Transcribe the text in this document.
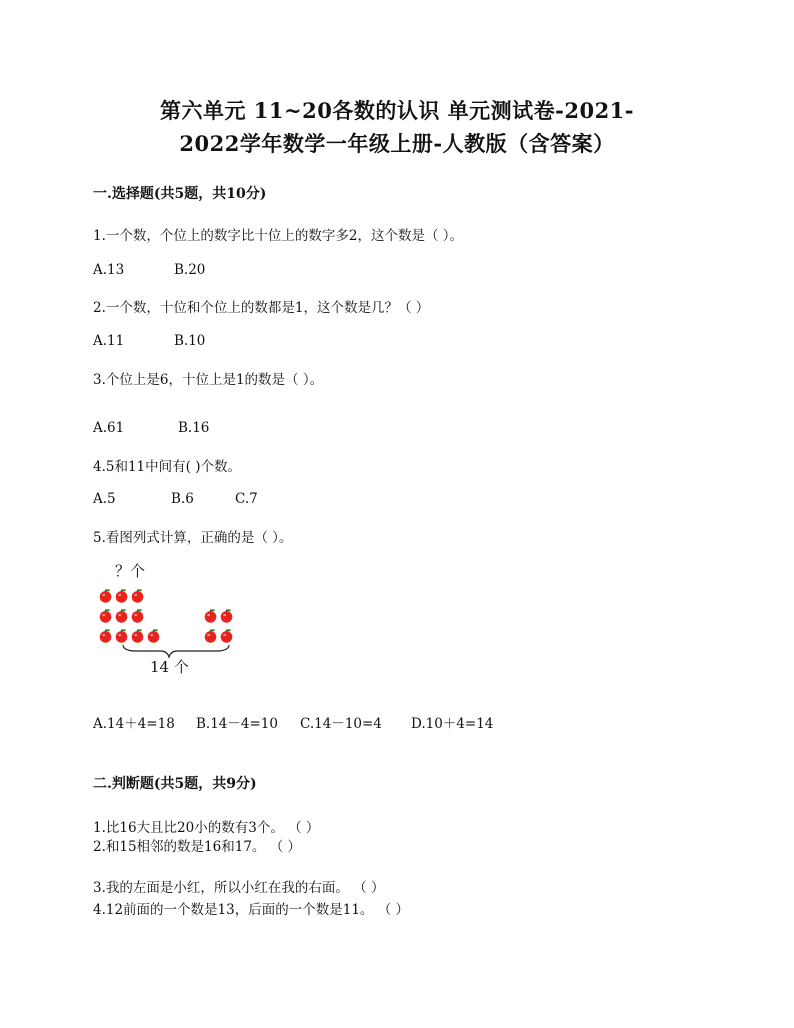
第六单元 11~20各数的认识 单元测试卷-2021-
2022学年数学一年级上册-人教版（含答案）
一.选择题(共5题，共10分)
1.一个数，个位上的数字比十位上的数字多2，这个数是（ ）。
A.13	B.20
2.一个数，十位和个位上的数都是1，这个数是几？（ ）
A.11	B.10
3.个位上是6，十位上是1的数是（ ）。
A.61	B.16
4.5和11中间有( )个数。
A.5	B.6	C.7
5.看图列式计算，正确的是（ ）。
？个
14 个
A.14＋4=18 B.14－4=10 C.14－10=4 D.10＋4=14
二.判断题(共5题，共9分)
1.比16大且比20小的数有3个。 （ ）
2.和15相邻的数是16和17。 （ ）
3.我的左面是小红，所以小红在我的右面。 （ ）
4.12前面的一个数是13，后面的一个数是11。 （ ）
